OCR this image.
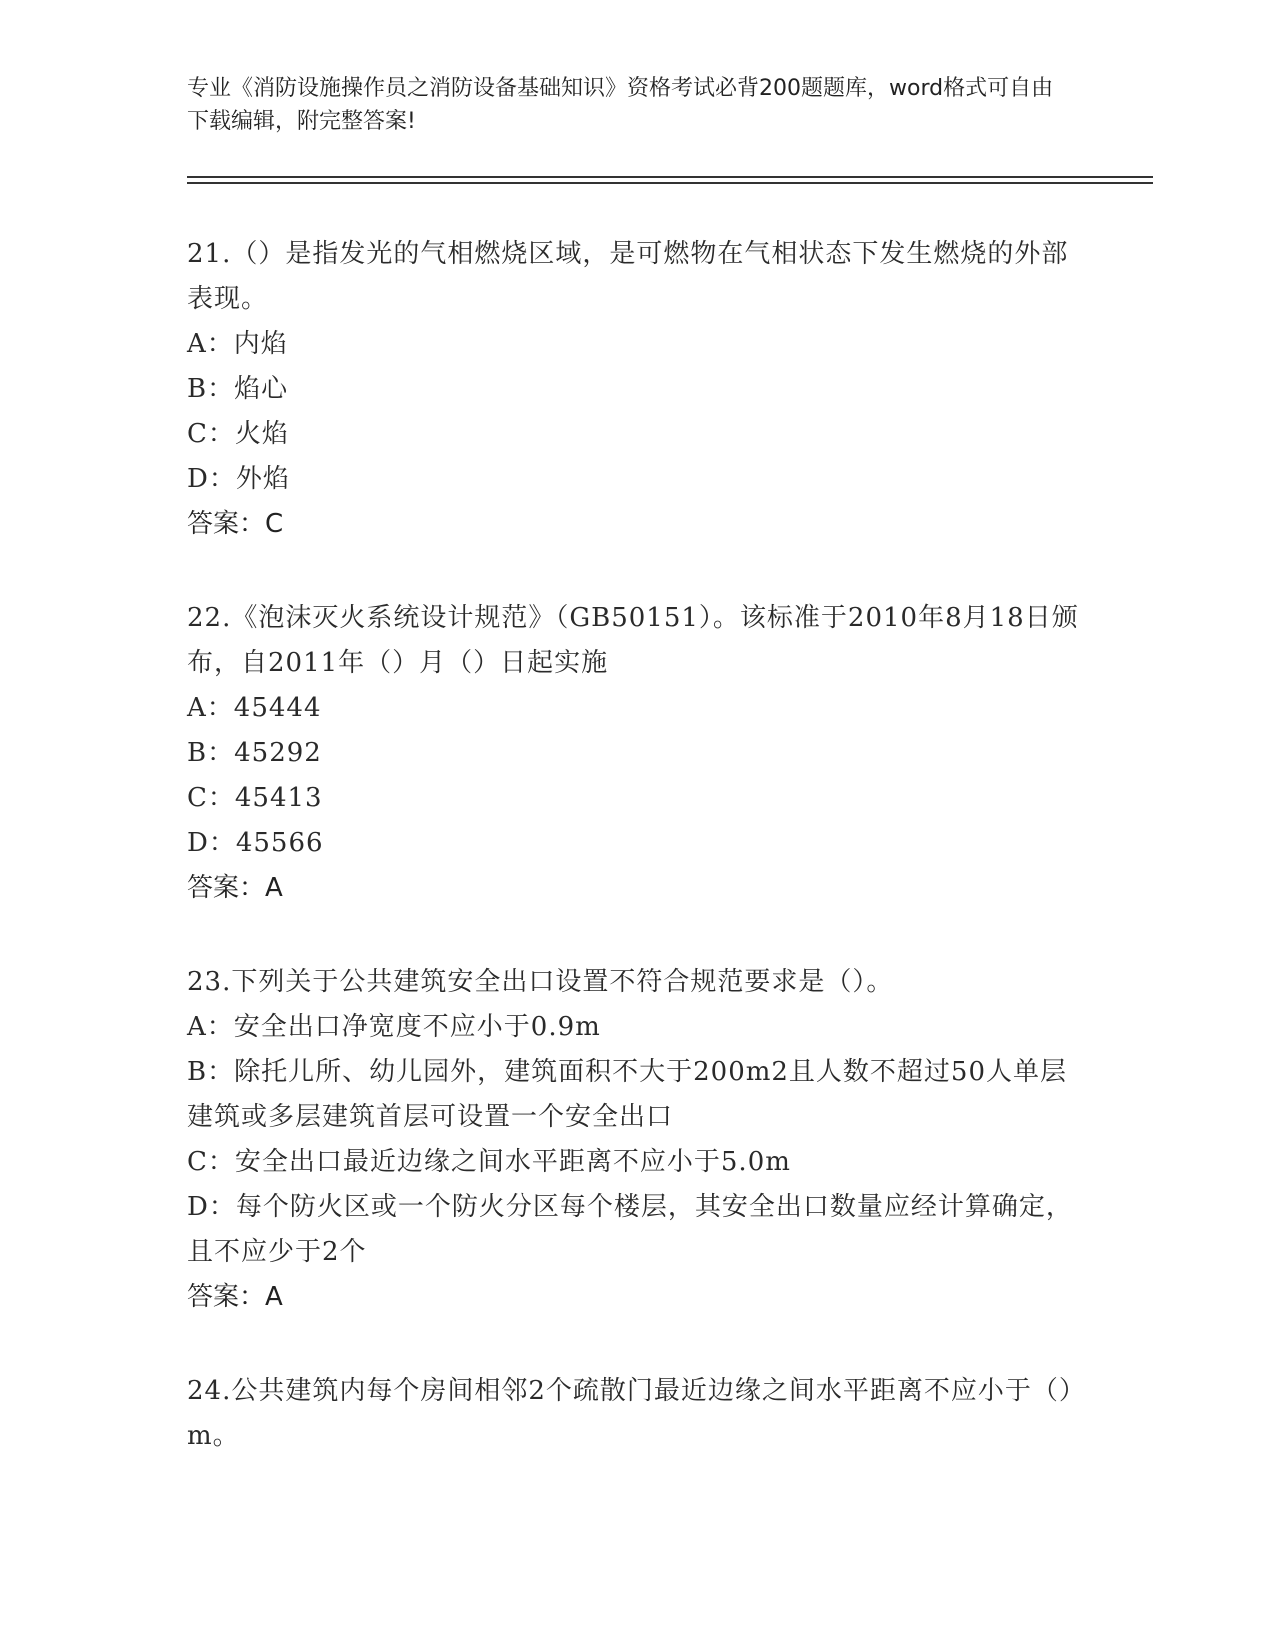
专业《消防设施操作员之消防设备基础知识》资格考试必背200题题库，word格式可自由下载编辑，附完整答案!

21.（）是指发光的气相燃烧区域，是可燃物在气相状态下发生燃烧的外部表现。

A：内焰

B：焰心

C：火焰

D：外焰

答案：C

22.《泡沫灭火系统设计规范》（GB50151）。该标准于2010年8月18日颁布，自2011年（）月（）日起实施

A：45444

B：45292

C：45413

D：45566

答案：A

23.下列关于公共建筑安全出口设置不符合规范要求是（）。

A：安全出口净宽度不应小于0.9m

B：除托儿所、幼儿园外，建筑面积不大于200m2且人数不超过50人单层建筑或多层建筑首层可设置一个安全出口

C：安全出口最近边缘之间水平距离不应小于5.0m

D：每个防火区或一个防火分区每个楼层，其安全出口数量应经计算确定，且不应少于2个

答案：A

24.公共建筑内每个房间相邻2个疏散门最近边缘之间水平距离不应小于（）m。
